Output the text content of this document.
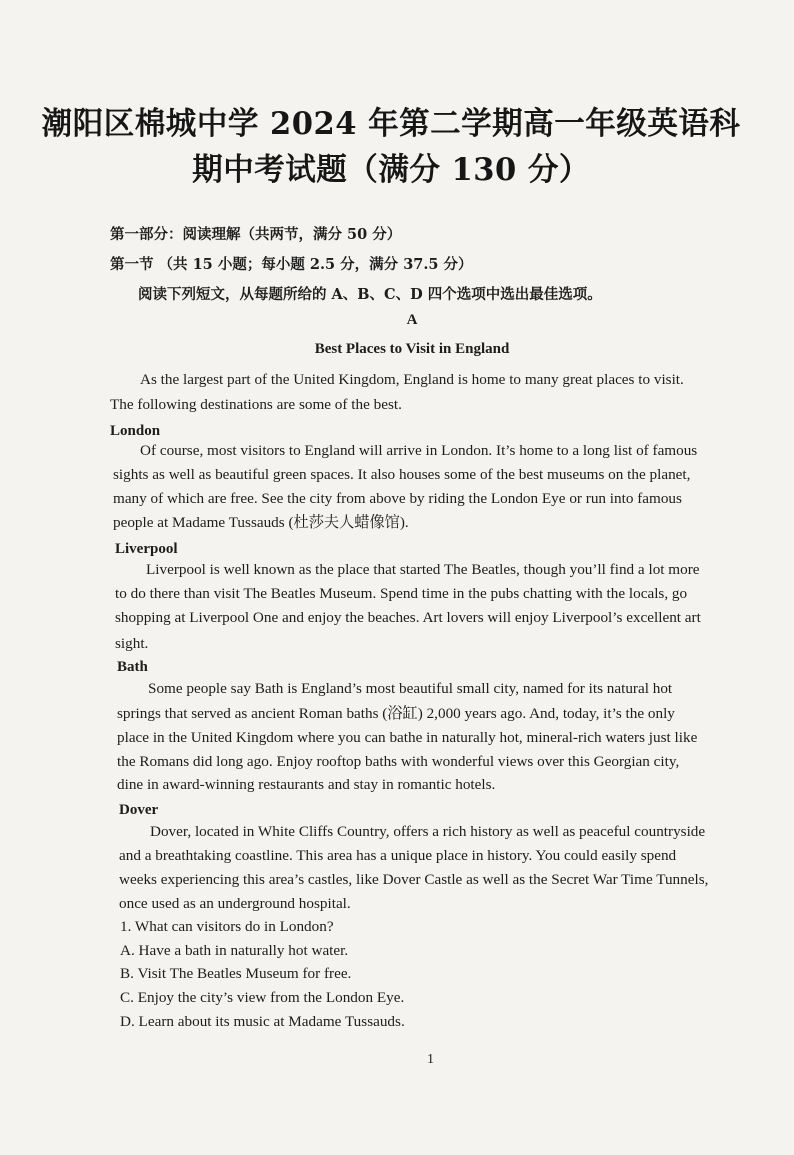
潮阳区棉城中学 2024 年第二学期高一年级英语科
期中考试题（满分 130 分）
第一部分：阅读理解（共两节，满分 50 分）
第一节 （共 15 小题；每小题 2.5 分，满分 37.5 分）
阅读下列短文，从每题所给的 A、B、C、D 四个选项中选出最佳选项。
A
Best Places to Visit in England
As the largest part of the United Kingdom, England is home to many great places to visit.
The following destinations are some of the best.
London
Of course, most visitors to England will arrive in London. It’s home to a long list of famous
sights as well as beautiful green spaces. It also houses some of the best museums on the planet,
many of which are free. See the city from above by riding the London Eye or run into famous
people at Madame Tussauds (杜莎夫人蜡像馆).
Liverpool
Liverpool is well known as the place that started The Beatles, though you’ll find a lot more
to do there than visit The Beatles Museum. Spend time in the pubs chatting with the locals, go
shopping at Liverpool One and enjoy the beaches. Art lovers will enjoy Liverpool’s excellent art
sight.
Bath
Some people say Bath is England’s most beautiful small city, named for its natural hot
springs that served as ancient Roman baths (浴缸) 2,000 years ago. And, today, it’s the only
place in the United Kingdom where you can bathe in naturally hot, mineral-rich waters just like
the Romans did long ago. Enjoy rooftop baths with wonderful views over this Georgian city,
dine in award-winning restaurants and stay in romantic hotels.
Dover
Dover, located in White Cliffs Country, offers a rich history as well as peaceful countryside
and a breathtaking coastline. This area has a unique place in history. You could easily spend
weeks experiencing this area’s castles, like Dover Castle as well as the Secret War Time Tunnels,
once used as an underground hospital.
1. What can visitors do in London?
A. Have a bath in naturally hot water.
B. Visit The Beatles Museum for free.
C. Enjoy the city’s view from the London Eye.
D. Learn about its music at Madame Tussauds.
1
